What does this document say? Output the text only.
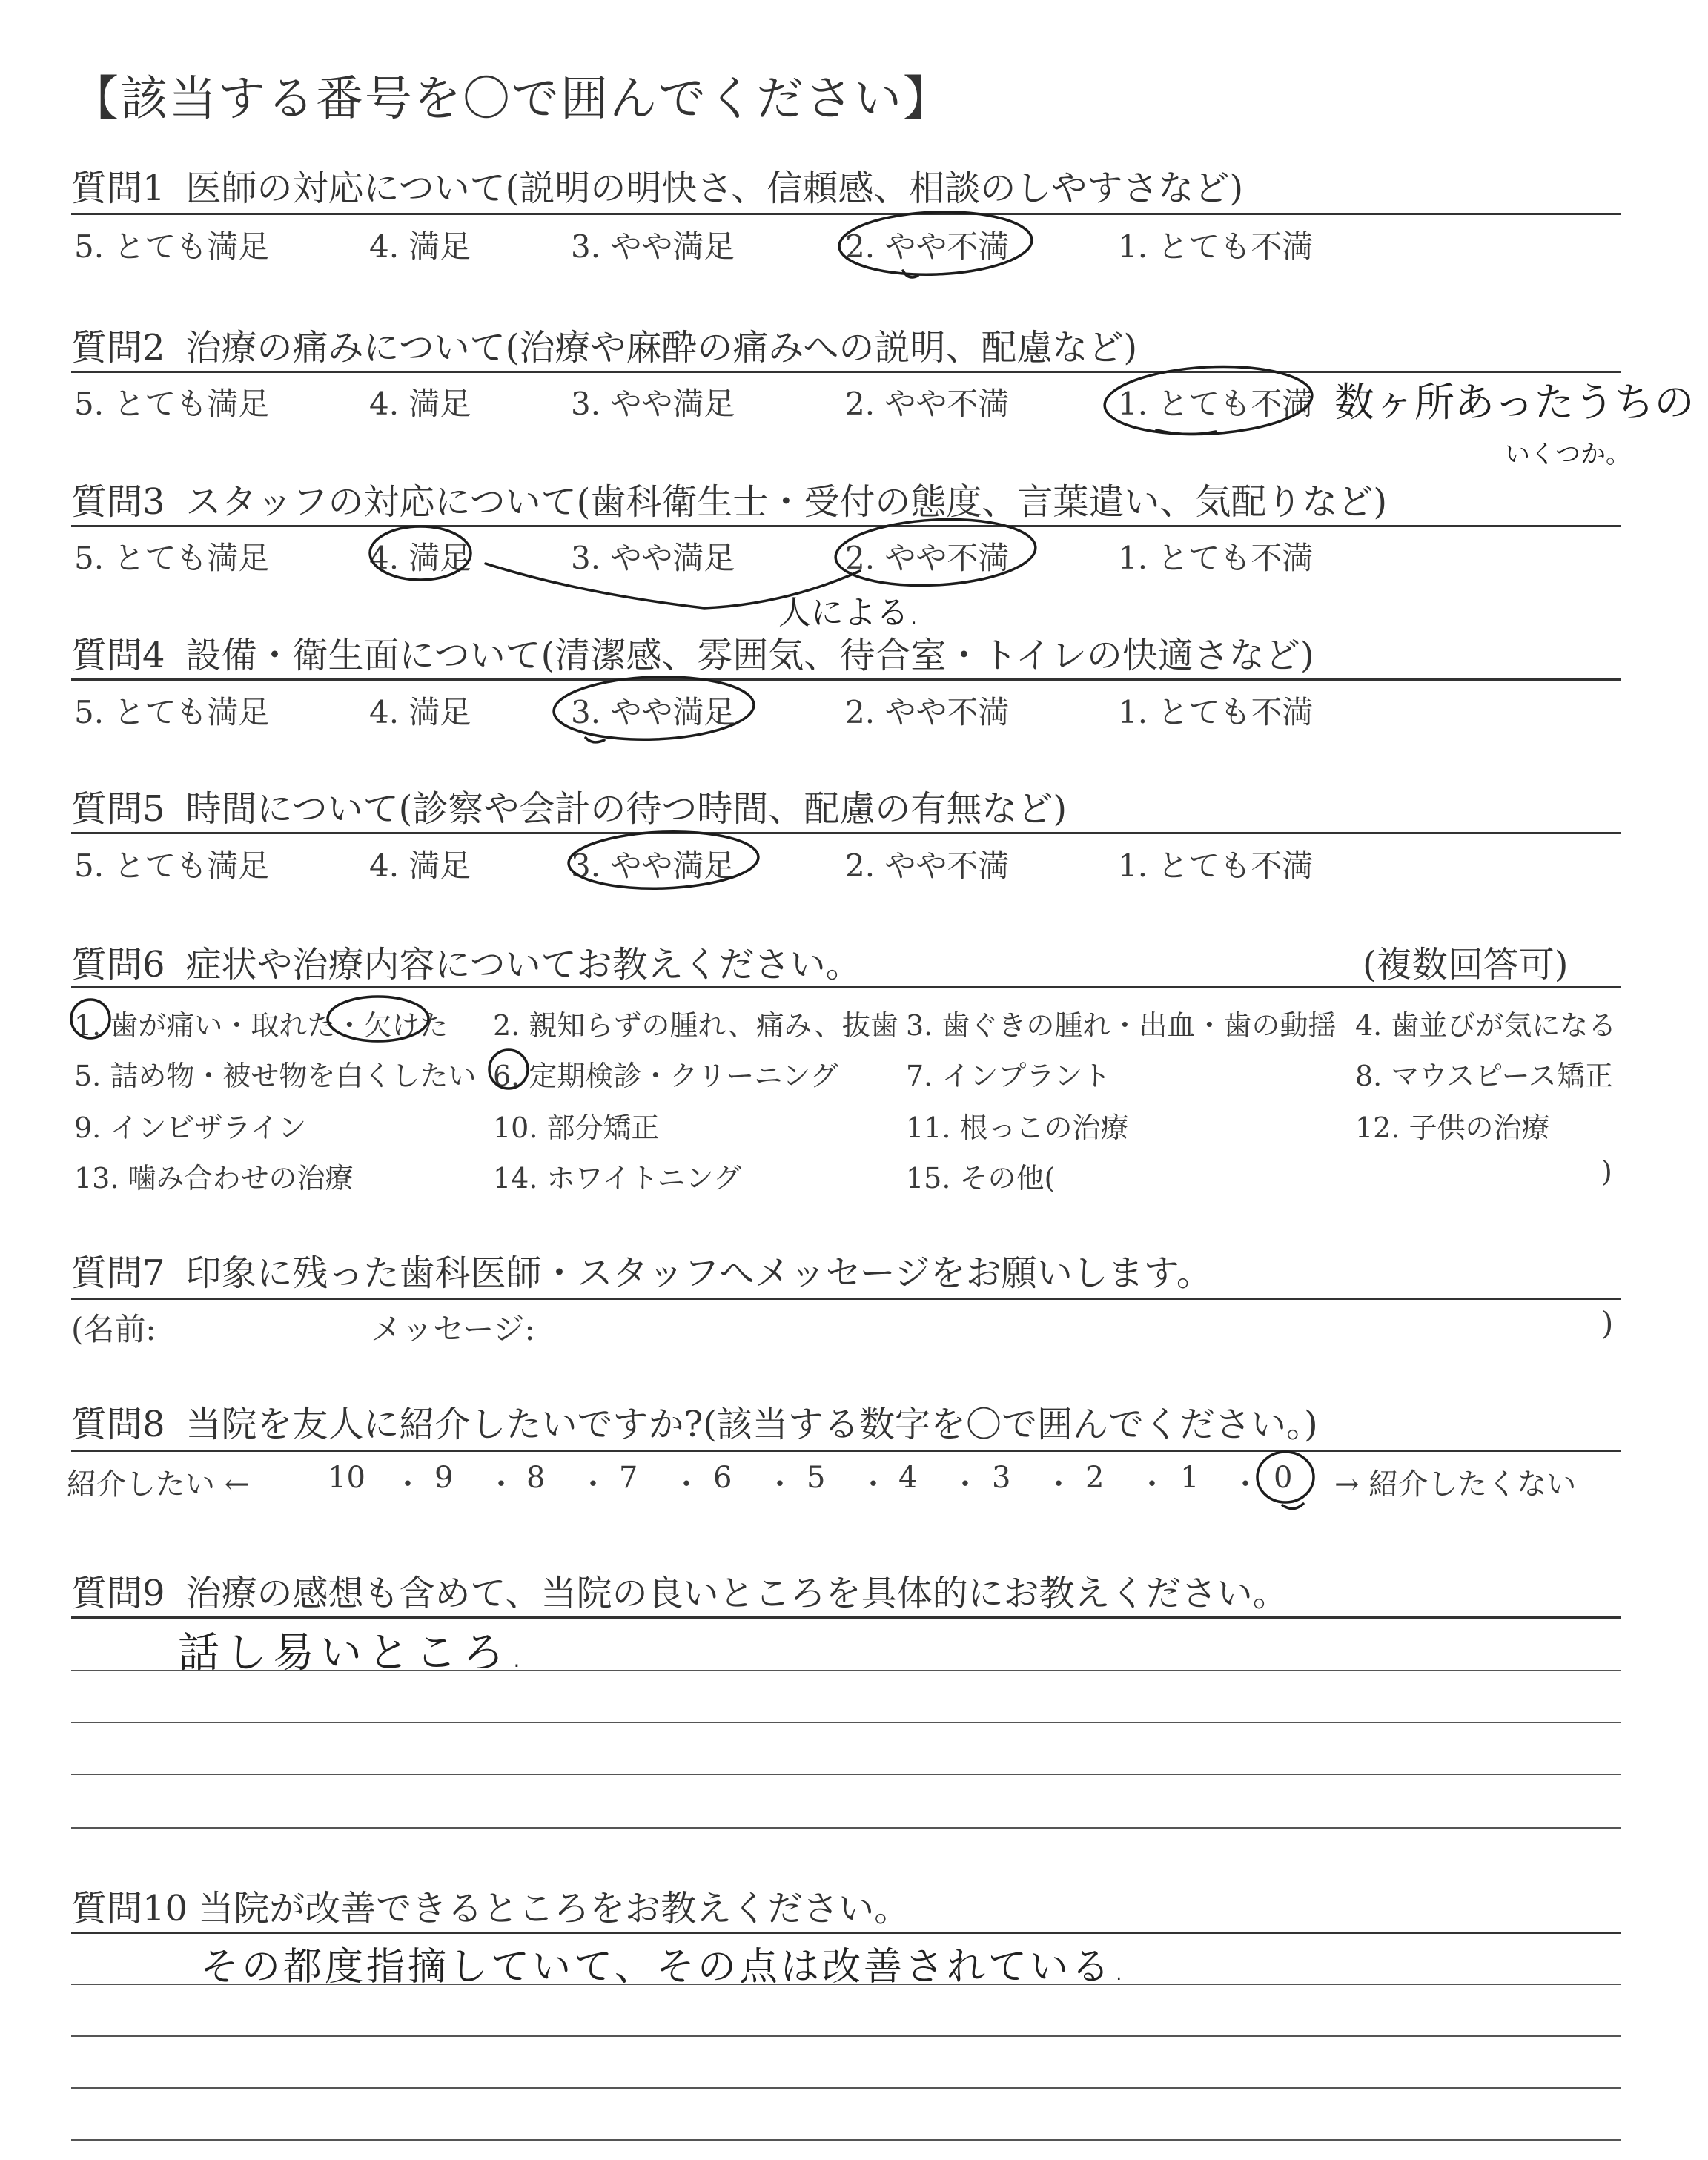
【該当する番号を〇で囲んでください】
質問1 医師の対応について(説明の明快さ、信頼感、相談のしやすさなど)
5. とても満足	4. 満足	3. やや満足	2. やや不満	1. とても不満
質問2 治療の痛みについて(治療や麻酔の痛みへの説明、配慮など)
5. とても満足	4. 満足	3. やや満足	2. やや不満	1. とても不満 数ヶ所あったうちの
いくつか。
質問3 スタッフの対応について(歯科衛生士・受付の態度、言葉遣い、気配りなど)
5. とても満足	4. 満足	3. やや満足	2. やや不満	1. とても不満
人による.
質問4 設備・衛生面について(清潔感、雰囲気、待合室・トイレの快適さなど)
5. とても満足	4. 満足	3. やや満足	2. やや不満	1. とても不満
質問5 時間について(診察や会計の待つ時間、配慮の有無など)
5. とても満足	4. 満足	3. やや満足	2. やや不満	1. とても不満
質問6 症状や治療内容についてお教えください。	(複数回答可)
1. 歯が痛い・取れた・欠けた 2. 親知らずの腫れ、痛み、抜歯 3. 歯ぐきの腫れ・出血・歯の動揺 4. 歯並びが気になる
5. 詰め物・被せ物を白くしたい 6. 定期検診・クリーニング 7. インプラント	8. マウスピース矯正
9. インビザライン	10. 部分矯正	11. 根っこの治療	12. 子供の治療
13. 噛み合わせの治療	14. ホワイトニング	15. その他(	)
質問7 印象に残った歯科医師・スタッフへメッセージをお願いします。
(名前:	メッセージ:	)
質問8 当院を友人に紹介したいですか?(該当する数字を〇で囲んでください。)
紹介したい ←	10 ・ 9 ・ 8 ・ 7 ・ 6 ・ 5 ・ 4 ・ 3 ・ 2 ・ 1 ・ 0 → 紹介したくない
質問9 治療の感想も含めて、当院の良いところを具体的にお教えください。
話し易いところ.
質問10 当院が改善できるところをお教えください。
その都度指摘していて、その点は改善されている.
